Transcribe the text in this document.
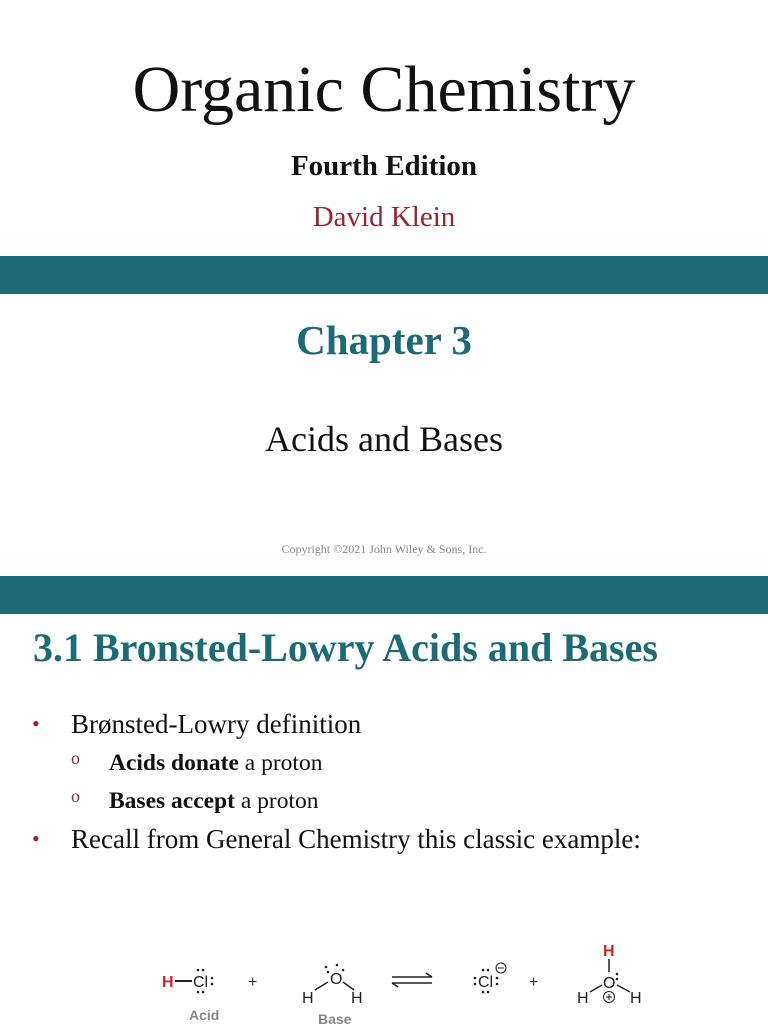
Organic Chemistry
Fourth Edition
David Klein
Chapter 3
Acids and Bases
Copyright ©2021 John Wiley & Sons, Inc.
3.1 Bronsted-Lowry Acids and Bases
• Brønsted-Lowry definition
o Acids donate a proton
o Bases accept a proton
• Recall from General Chemistry this classic example:
H Cl
Acid
+	O
H H
Base
Cl +
H
O
H	H
